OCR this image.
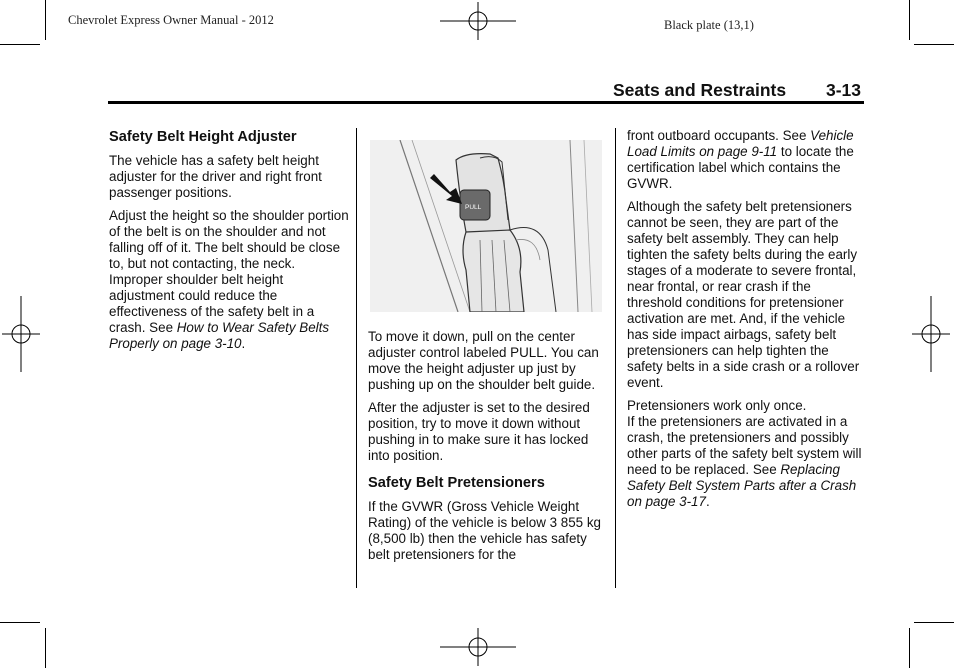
Chevrolet Express Owner Manual - 2012	Black plate (13,1)
Seats and Restraints 3-13
Safety Belt Height Adjuster

The vehicle has a safety belt height adjuster for the driver and right front passenger positions.

Adjust the height so the shoulder portion of the belt is on the shoulder and not falling off of it. The belt should be close to, but not contacting, the neck. Improper shoulder belt height adjustment could reduce the effectiveness of the safety belt in a crash. See How to Wear Safety Belts Properly on page 3-10.

PULL

To move it down, pull on the center adjuster control labeled PULL. You can move the height adjuster up just by pushing up on the shoulder belt guide.

After the adjuster is set to the desired position, try to move it down without pushing in to make sure it has locked into position.

Safety Belt Pretensioners

If the GVWR (Gross Vehicle Weight Rating) of the vehicle is below 3 855 kg (8,500 lb) then the vehicle has safety belt pretensioners for the

front outboard occupants. See Vehicle Load Limits on page 9-11 to locate the certification label which contains the GVWR.

Although the safety belt pretensioners cannot be seen, they are part of the safety belt assembly. They can help tighten the safety belts during the early stages of a moderate to severe frontal, near frontal, or rear crash if the threshold conditions for pretensioner activation are met. And, if the vehicle has side impact airbags, safety belt pretensioners can help tighten the safety belts in a side crash or a rollover event.

Pretensioners work only once.
If the pretensioners are activated in a crash, the pretensioners and possibly other parts of the safety belt system will need to be replaced. See Replacing Safety Belt System Parts after a Crash on page 3-17.
